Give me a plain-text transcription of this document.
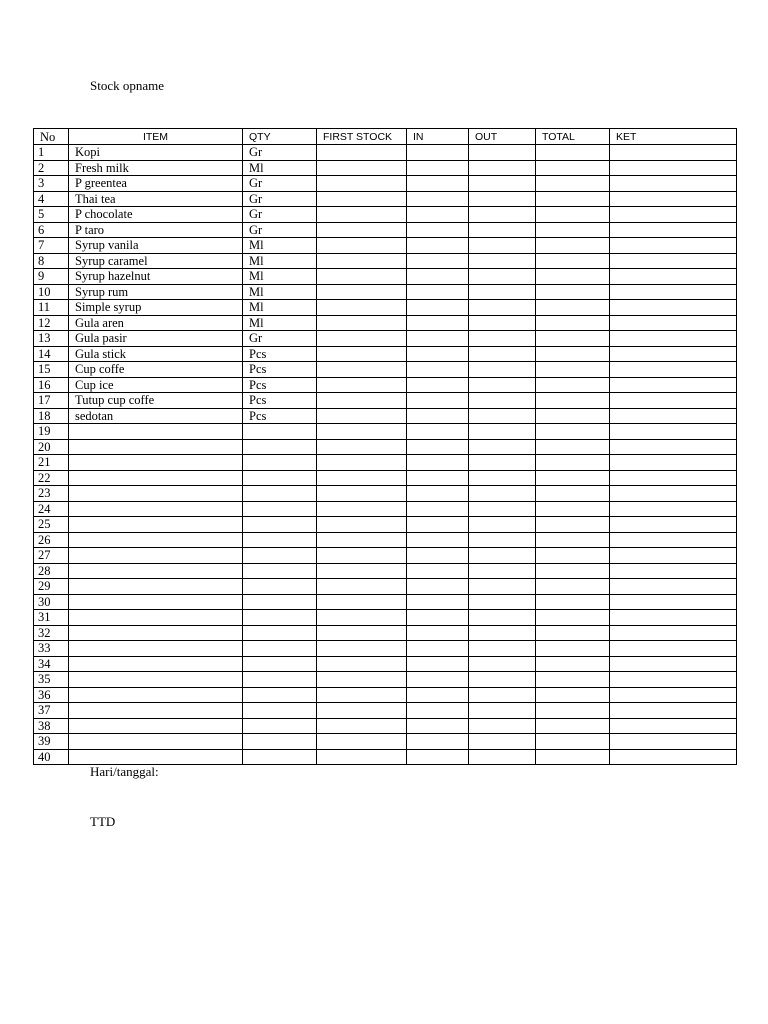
Stock opname
No	ITEM	QTY	FIRST STOCK	IN	OUT	TOTAL	KET
1	Kopi	Gr					
2	Fresh milk	Ml					
3	P greentea	Gr					
4	Thai tea	Gr					
5	P chocolate	Gr					
6	P taro	Gr					
7	Syrup vanila	Ml					
8	Syrup caramel	Ml					
9	Syrup hazelnut	Ml					
10	Syrup rum	Ml					
11	Simple syrup	Ml					
12	Gula aren	Ml					
13	Gula pasir	Gr					
14	Gula stick	Pcs					
15	Cup coffe	Pcs					
16	Cup ice	Pcs					
17	Tutup cup coffe	Pcs					
18	sedotan	Pcs					
19							
20							
21							
22							
23							
24							
25							
26							
27							
28							
29							
30							
31							
32							
33							
34							
35							
36							
37							
38							
39							
40							
Hari/tanggal:
TTD
